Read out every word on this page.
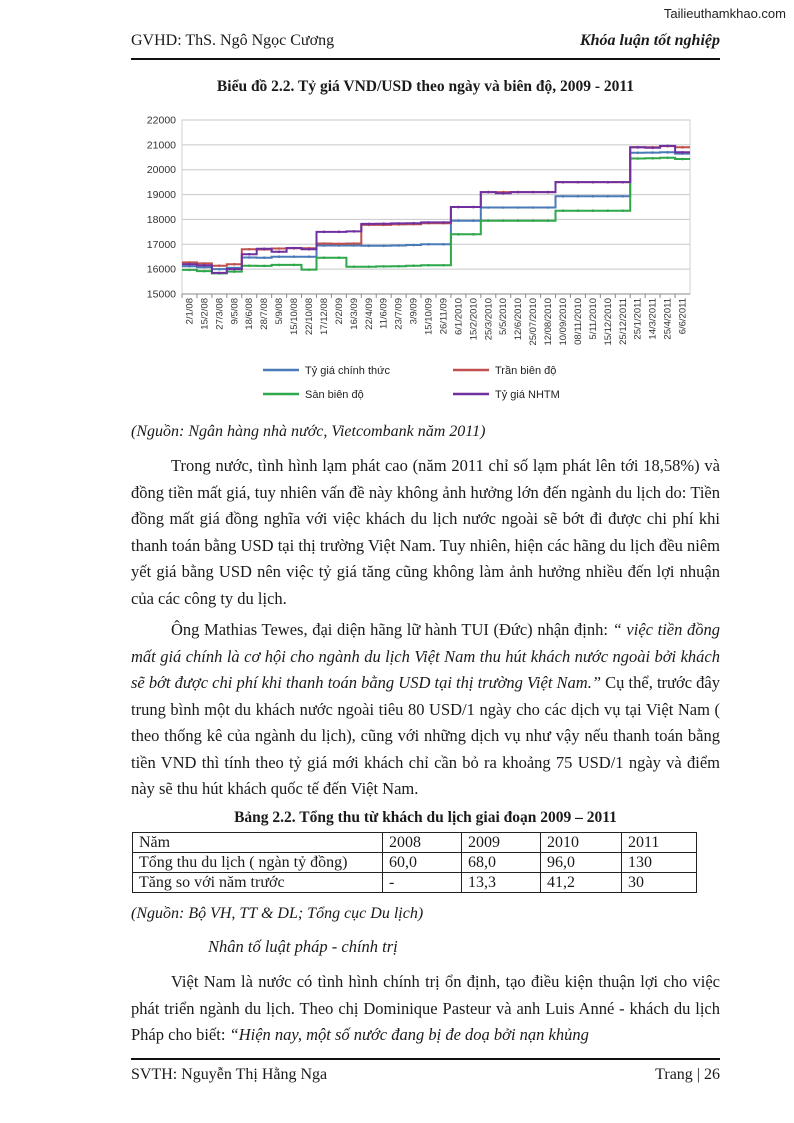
Tailieuthamkhao.com
GVHD: ThS. Ngô Ngọc Cương	Khóa luận tốt nghiệp
Biểu đồ 2.2. Tỷ giá VND/USD theo ngày và biên độ, 2009 - 2011
15000
16000
17000
18000
19000
20000
21000
22000
2/1/08 15/2/08 27/3/08 9/5/08 18/6/08 28/7/08 5/9/08 15/10/08 22/10/08 17/12/08 2/2/09 16/3/09 22/4/09 11/6/09 23/7/09 3/9/09 15/10/09 26/11/09 6/1/2010 15/2/2010 25/3/2010 5/5/2010 12/6/2010 25/07/2010 12/08/2010 10/09/2010 08/11/2010 5/11/2010 15/12/2010 25/12/2011 25/1/2011 14/3/2011 25/4/2011 6/6/2011
Tỷ giá chính thức	Trần biên độ
Sàn biên độ	Tỷ giá NHTM
(Nguồn: Ngân hàng nhà nước, Vietcombank năm 2011)

Trong nước, tình hình lạm phát cao (năm 2011 chỉ số lạm phát lên tới 18,58%) và đồng tiền mất giá, tuy nhiên vấn đề này không ảnh hưởng lớn đến ngành du lịch do: Tiền đồng mất giá đồng nghĩa với việc khách du lịch nước ngoài sẽ bớt đi được chi phí khi thanh toán bằng USD tại thị trường Việt Nam. Tuy nhiên, hiện các hãng du lịch đều niêm yết giá bằng USD nên việc tỷ giá tăng cũng không làm ảnh hưởng nhiều đến lợi nhuận của các công ty du lịch.

Ông Mathias Tewes, đại diện hãng lữ hành TUI (Đức) nhận định: “ việc tiền đồng mất giá chính là cơ hội cho ngành du lịch Việt Nam thu hút khách nước ngoài bởi khách sẽ bớt được chi phí khi thanh toán bằng USD tại thị trường Việt Nam.” Cụ thể, trước đây trung bình một du khách nước ngoài tiêu 80 USD/1 ngày cho các dịch vụ tại Việt Nam ( theo thống kê của ngành du lịch), cũng với những dịch vụ như vậy nếu thanh toán bằng tiền VND thì tính theo tỷ giá mới khách chỉ cần bỏ ra khoảng 75 USD/1 ngày và điểm này sẽ thu hút khách quốc tế đến Việt Nam.

Bảng 2.2. Tổng thu từ khách du lịch giai đoạn 2009 – 2011
Năm	2008	2009	2010	2011
Tổng thu du lịch ( ngàn tỷ đồng)	60,0	68,0	96,0	130
Tăng so với năm trước	-	13,3	41,2	30
(Nguồn: Bộ VH, TT & DL; Tổng cục Du lịch)
Nhân tố luật pháp - chính trị

Việt Nam là nước có tình hình chính trị ổn định, tạo điều kiện thuận lợi cho việc phát triển ngành du lịch. Theo chị Dominique Pasteur và anh Luis Anné - khách du lịch Pháp cho biết: “Hiện nay, một số nước đang bị đe doạ bởi nạn khủng

SVTH: Nguyễn Thị Hằng Nga	Trang | 26
